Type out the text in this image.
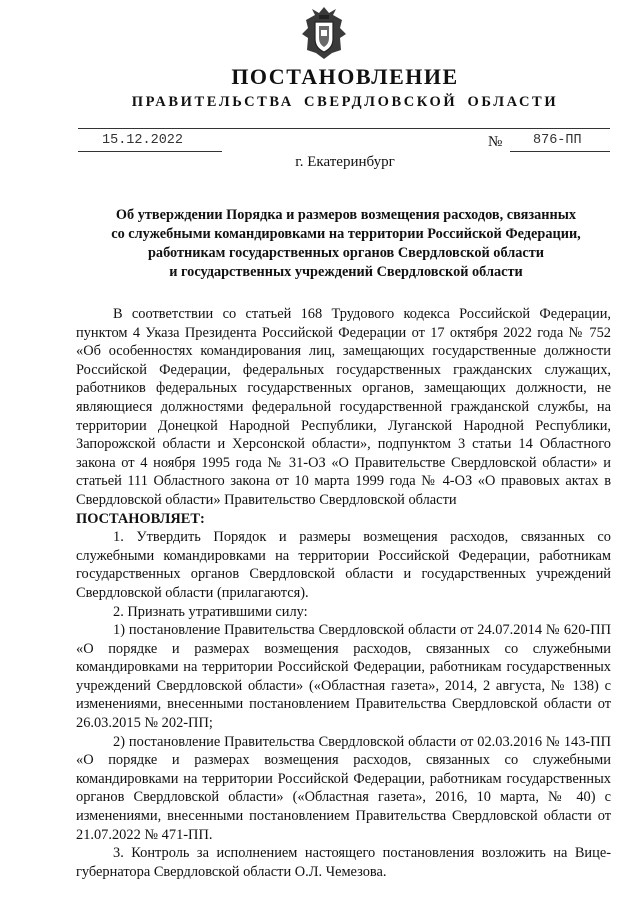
ПОСТАНОВЛЕНИЕ
ПРАВИТЕЛЬСТВА СВЕРДЛОВСКОЙ ОБЛАСТИ
15.12.2022	№ 876-ПП
г. Екатеринбург
Об утверждении Порядка и размеров возмещения расходов, связанных
со служебными командировками на территории Российской Федерации,
работникам государственных органов Свердловской области
и государственных учреждений Свердловской области

В соответствии со статьей 168 Трудового кодекса Российской Федерации, пунктом 4 Указа Президента Российской Федерации от 17 октября 2022 года № 752 «Об особенностях командирования лиц, замещающих государственные должности Российской Федерации, федеральных государственных гражданских служащих, работников федеральных государственных органов, замещающих должности, не являющиеся должностями федеральной государственной гражданской службы, на территории Донецкой Народной Республики, Луганской Народной Республики, Запорожской области и Херсонской области», подпунктом 3 статьи 14 Областного закона от 4 ноября 1995 года № 31-ОЗ «О Правительстве Свердловской области» и статьей 111 Областного закона от 10 марта 1999 года № 4-ОЗ «О правовых актах в Свердловской области» Правительство Свердловской области

ПОСТАНОВЛЯЕТ:

1. Утвердить Порядок и размеры возмещения расходов, связанных со служебными командировками на территории Российской Федерации, работникам государственных органов Свердловской области и государственных учреждений Свердловской области (прилагаются).

2. Признать утратившими силу:

1) постановление Правительства Свердловской области от 24.07.2014 № 620-ПП «О порядке и размерах возмещения расходов, связанных со служебными командировками на территории Российской Федерации, работникам государственных учреждений Свердловской области» («Областная газета», 2014, 2 августа, № 138) с изменениями, внесенными постановлением Правительства Свердловской области от 26.03.2015 № 202-ПП;

2) постановление Правительства Свердловской области от 02.03.2016 № 143-ПП «О порядке и размерах возмещения расходов, связанных со служебными командировками на территории Российской Федерации, работникам государственных органов Свердловской области» («Областная газета», 2016, 10 марта, № 40) с изменениями, внесенными постановлением Правительства Свердловской области от 21.07.2022 № 471-ПП.

3. Контроль за исполнением настоящего постановления возложить на Вице-губернатора Свердловской области О.Л. Чемезова.
